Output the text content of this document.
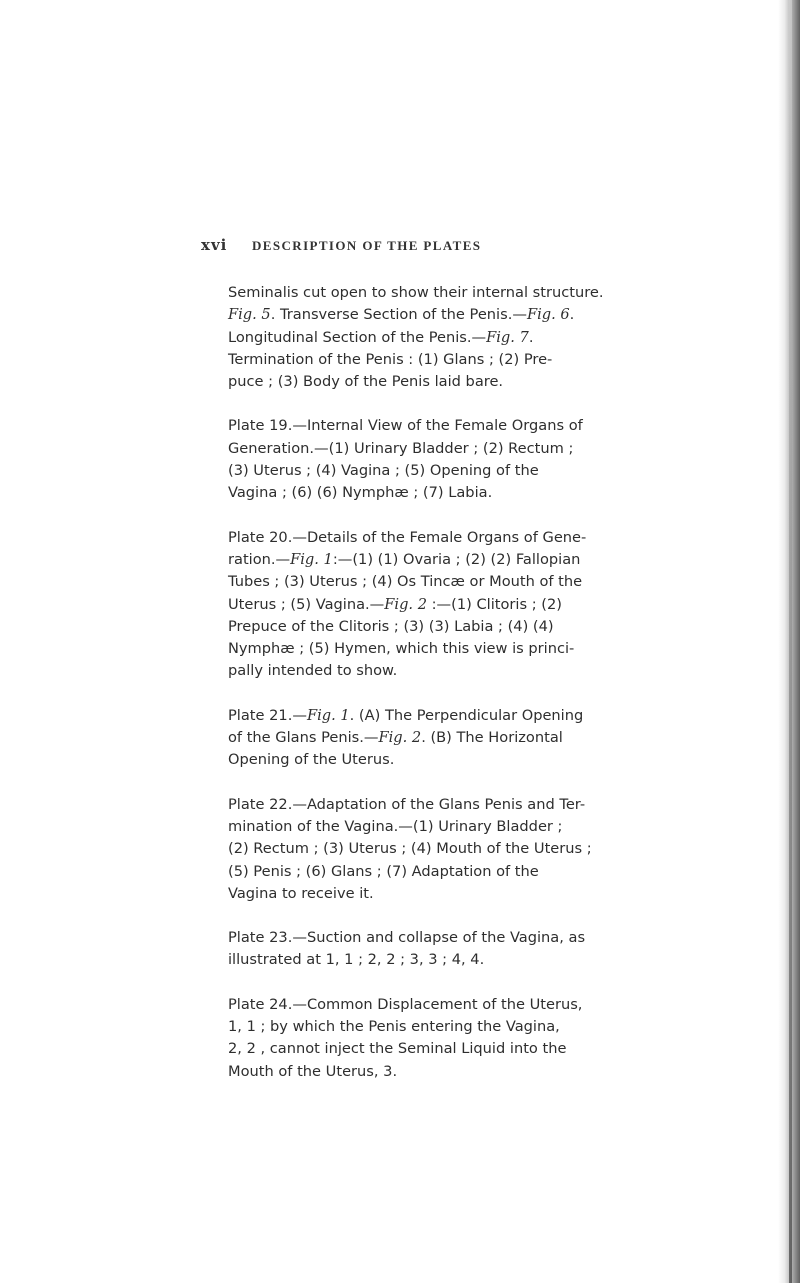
xvi DESCRIPTION OF THE PLATES
Seminalis cut open to show their internal structure.
Fig. 5. Transverse Section of the Penis.—Fig. 6.
Longitudinal Section of the Penis.—Fig. 7.
Termination of the Penis : (1) Glans ; (2) Pre-
puce ; (3) Body of the Penis laid bare.
Plate 19.—Internal View of the Female Organs of
Generation.—(1) Urinary Bladder ; (2) Rectum ;
(3) Uterus ; (4) Vagina ; (5) Opening of the
Vagina ; (6) (6) Nymphæ ; (7) Labia.
Plate 20.—Details of the Female Organs of Gene-
ration.—Fig. 1:—(1) (1) Ovaria ; (2) (2) Fallopian
Tubes ; (3) Uterus ; (4) Os Tincæ or Mouth of the
Uterus ; (5) Vagina.—Fig. 2 :—(1) Clitoris ; (2)
Prepuce of the Clitoris ; (3) (3) Labia ; (4) (4)
Nymphæ ; (5) Hymen, which this view is princi-
pally intended to show.
Plate 21.—Fig. 1. (A) The Perpendicular Opening
of the Glans Penis.—Fig. 2. (B) The Horizontal
Opening of the Uterus.
Plate 22.—Adaptation of the Glans Penis and Ter-
mination of the Vagina.—(1) Urinary Bladder ;
(2) Rectum ; (3) Uterus ; (4) Mouth of the Uterus ;
(5) Penis ; (6) Glans ; (7) Adaptation of the
Vagina to receive it.
Plate 23.—Suction and collapse of the Vagina, as
illustrated at 1, 1 ; 2, 2 ; 3, 3 ; 4, 4.
Plate 24.—Common Displacement of the Uterus,
1, 1 ; by which the Penis entering the Vagina,
2, 2 , cannot inject the Seminal Liquid into the
Mouth of the Uterus, 3.
